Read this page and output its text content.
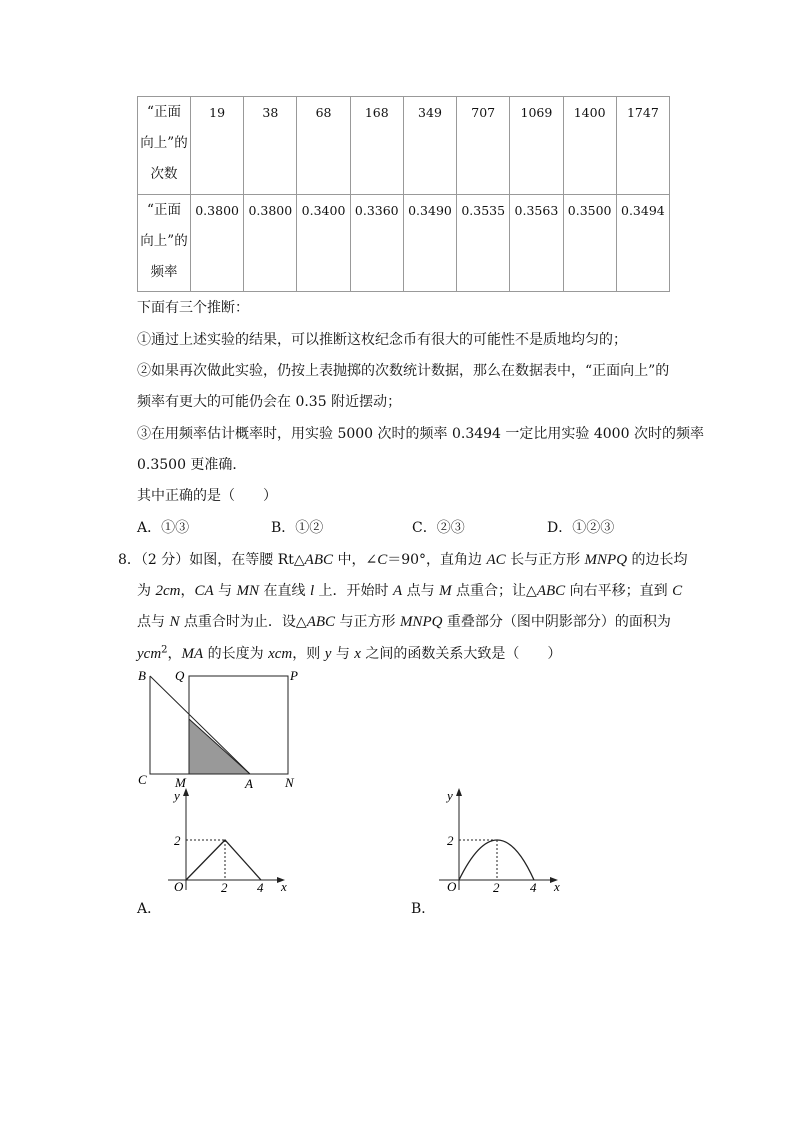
“正面
向上”的
次数	19	38	68	168	349	707	1069	1400	1747

“正面
向上”的
频率	0.3800	0.3800	0.3400	0.3360	0.3490	0.3535	0.3563	0.3500	0.3494
下面有三个推断：
①通过上述实验的结果，可以推断这枚纪念币有很大的可能性不是质地均匀的；
②如果再次做此实验，仍按上表抛掷的次数统计数据，那么在数据表中，“正面向上”的
频率有更大的可能仍会在 0.35 附近摆动；
③在用频率估计概率时，用实验 5000 次时的频率 0.3494 一定比用实验 4000 次时的频率
0.3500 更准确．
其中正确的是（　　）
A．①③	B．①②	C．②③	D．①②③
8．（2 分）如图，在等腰 Rt△ABC 中，∠C＝90°，直角边 AC 长与正方形 MNPQ 的边长均
为 2cm，CA 与 MN 在直线 l 上．开始时 A 点与 M 点重合；让△ABC 向右平移；直到 C
点与 N 点重合时为止．设△ABC 与正方形 MNPQ 重叠部分（图中阴影部分）的面积为
ycm$^2$，MA 的长度为 xcm，则 y 与 x 之间的函数关系大致是（　　）
B Q	P
C M	A N
y
2
O	2 4 x
A．
y
2
O	2 4 x
B．
